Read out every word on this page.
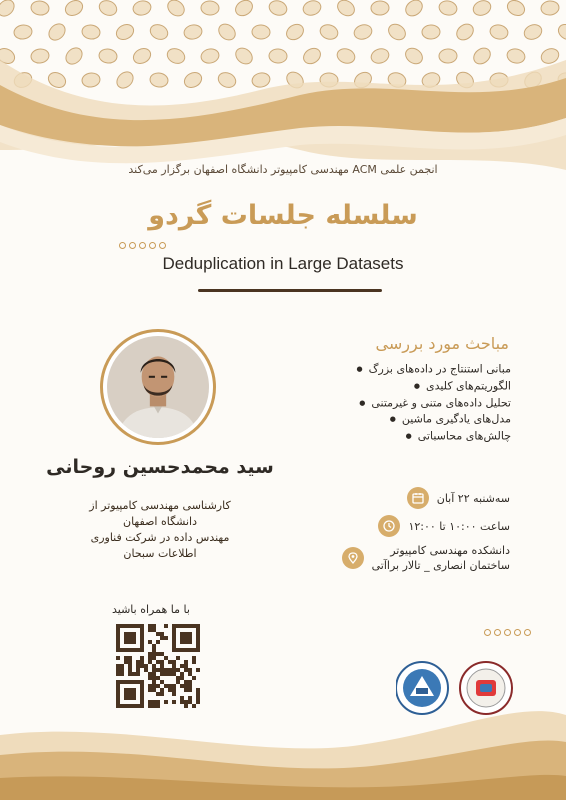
انجمن علمی ACM مهندسی کامپیوتر دانشگاه اصفهان برگزار می‌کند
سلسله جلسات گردو
Deduplication in Large Datasets
مباحث مورد بررسی
مبانی استنتاج در داده‌های بزرگ ●
الگوریتم‌های کلیدی ●
تحلیل داده‌های متنی و غیرمتنی ●
مدل‌های یادگیری ماشین ●
چالش‌های محاسباتی ●
سید محمدحسین روحانی
کارشناسی مهندسی کامپیوتر از
دانشگاه اصفهان
مهندس داده در شرکت فناوری
اطلاعات سبحان
سه‌شنبه ۲۲ آبان
ساعت ۱۰:۰۰ تا ۱۲:۰۰
دانشکده مهندسی کامپیوتر
ساختمان انصاری _ تالار براآتی
با ما همراه باشید
